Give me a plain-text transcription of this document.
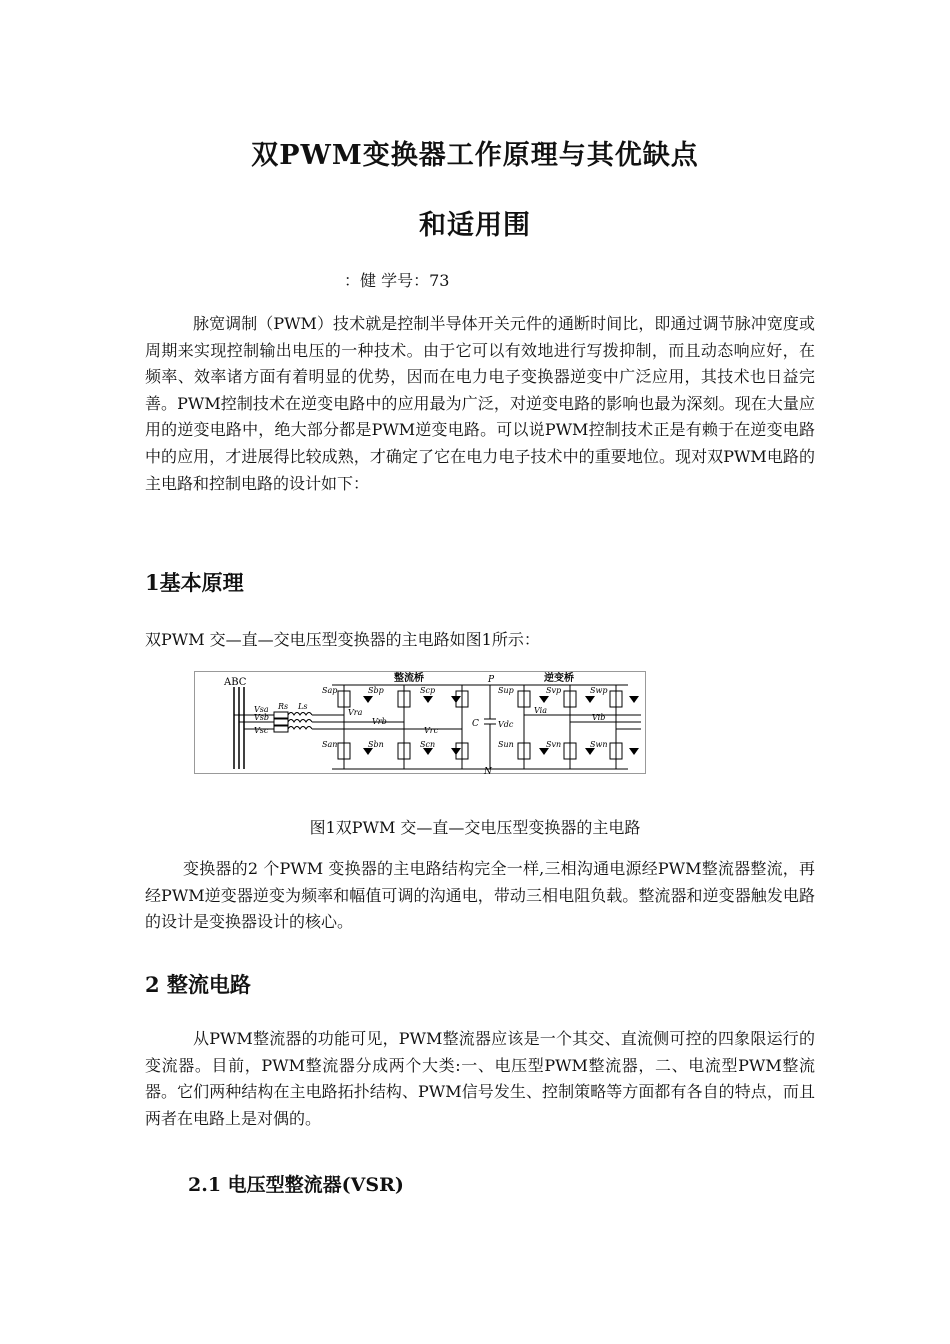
双PWM变换器工作原理与其优缺点
和适用围

：健 学号：73

脉宽调制（PWM）技术就是控制半导体开关元件的通断时间比，即通过调节脉冲宽度或周期来实现控制输出电压的一种技术。由于它可以有效地进行写拨抑制，而且动态响应好，在频率、效率诸方面有着明显的优势，因而在电力电子变换器逆变中广泛应用，其技术也日益完善。PWM控制技术在逆变电路中的应用最为广泛，对逆变电路的影响也最为深刻。现在大量应用的逆变电路中，绝大部分都是PWM逆变电路。可以说PWM控制技术正是有赖于在逆变电路中的应用，才进展得比较成熟，才确定了它在电力电子技术中的重要地位。现对双PWM电路的主电路和控制电路的设计如下：

1基本原理

双PWM 交—直—交电压型变换器的主电路如图1所示：

ABC
Vsa
Vsb
Vsc
Rs Ls
整流桥	逆变桥
P
N
Sap	Sbp	Scp
San	Sbn	Scn
Vra
Vrb
Vrc
C Vdc
Sup	Svp	Swp
Sun	Svn	Swn
Via
Vib

图1双PWM 交—直—交电压型变换器的主电路

变换器的2 个PWM 变换器的主电路结构完全一样,三相沟通电源经PWM整流器整流，再经PWM逆变器逆变为频率和幅值可调的沟通电，带动三相电阻负载。整流器和逆变器触发电路的设计是变换器设计的核心。

2 整流电路

从PWM整流器的功能可见，PWM整流器应该是一个其交、直流侧可控的四象限运行的变流器。目前，PWM整流器分成两个大类:一、电压型PWM整流器，二、电流型PWM整流器。它们两种结构在主电路拓扑结构、PWM信号发生、控制策略等方面都有各自的特点，而且两者在电路上是对偶的。

2.1 电压型整流器(VSR)
